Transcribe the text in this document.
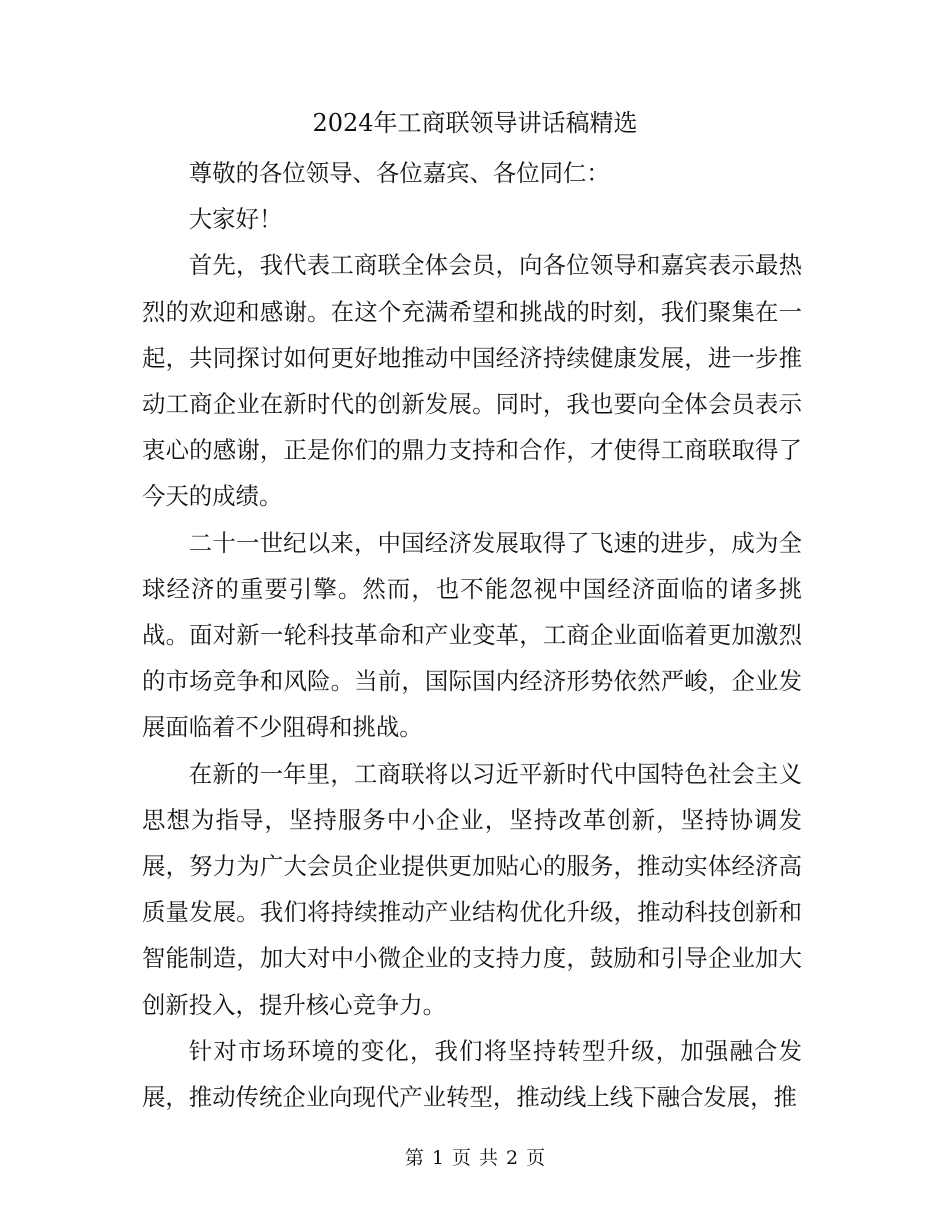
2024年工商联领导讲话稿精选

尊敬的各位领导、各位嘉宾、各位同仁：

大家好！

首先，我代表工商联全体会员，向各位领导和嘉宾表示最热烈的欢迎和感谢。在这个充满希望和挑战的时刻，我们聚集在一起，共同探讨如何更好地推动中国经济持续健康发展，进一步推动工商企业在新时代的创新发展。同时，我也要向全体会员表示衷心的感谢，正是你们的鼎力支持和合作，才使得工商联取得了今天的成绩。

二十一世纪以来，中国经济发展取得了飞速的进步，成为全球经济的重要引擎。然而，也不能忽视中国经济面临的诸多挑战。面对新一轮科技革命和产业变革，工商企业面临着更加激烈的市场竞争和风险。当前，国际国内经济形势依然严峻，企业发展面临着不少阻碍和挑战。

在新的一年里，工商联将以习近平新时代中国特色社会主义思想为指导，坚持服务中小企业，坚持改革创新，坚持协调发展，努力为广大会员企业提供更加贴心的服务，推动实体经济高质量发展。我们将持续推动产业结构优化升级，推动科技创新和智能制造，加大对中小微企业的支持力度，鼓励和引导企业加大创新投入，提升核心竞争力。

针对市场环境的变化，我们将坚持转型升级，加强融合发展，推动传统企业向现代产业转型，推动线上线下融合发展，推

第 1 页 共 2 页
